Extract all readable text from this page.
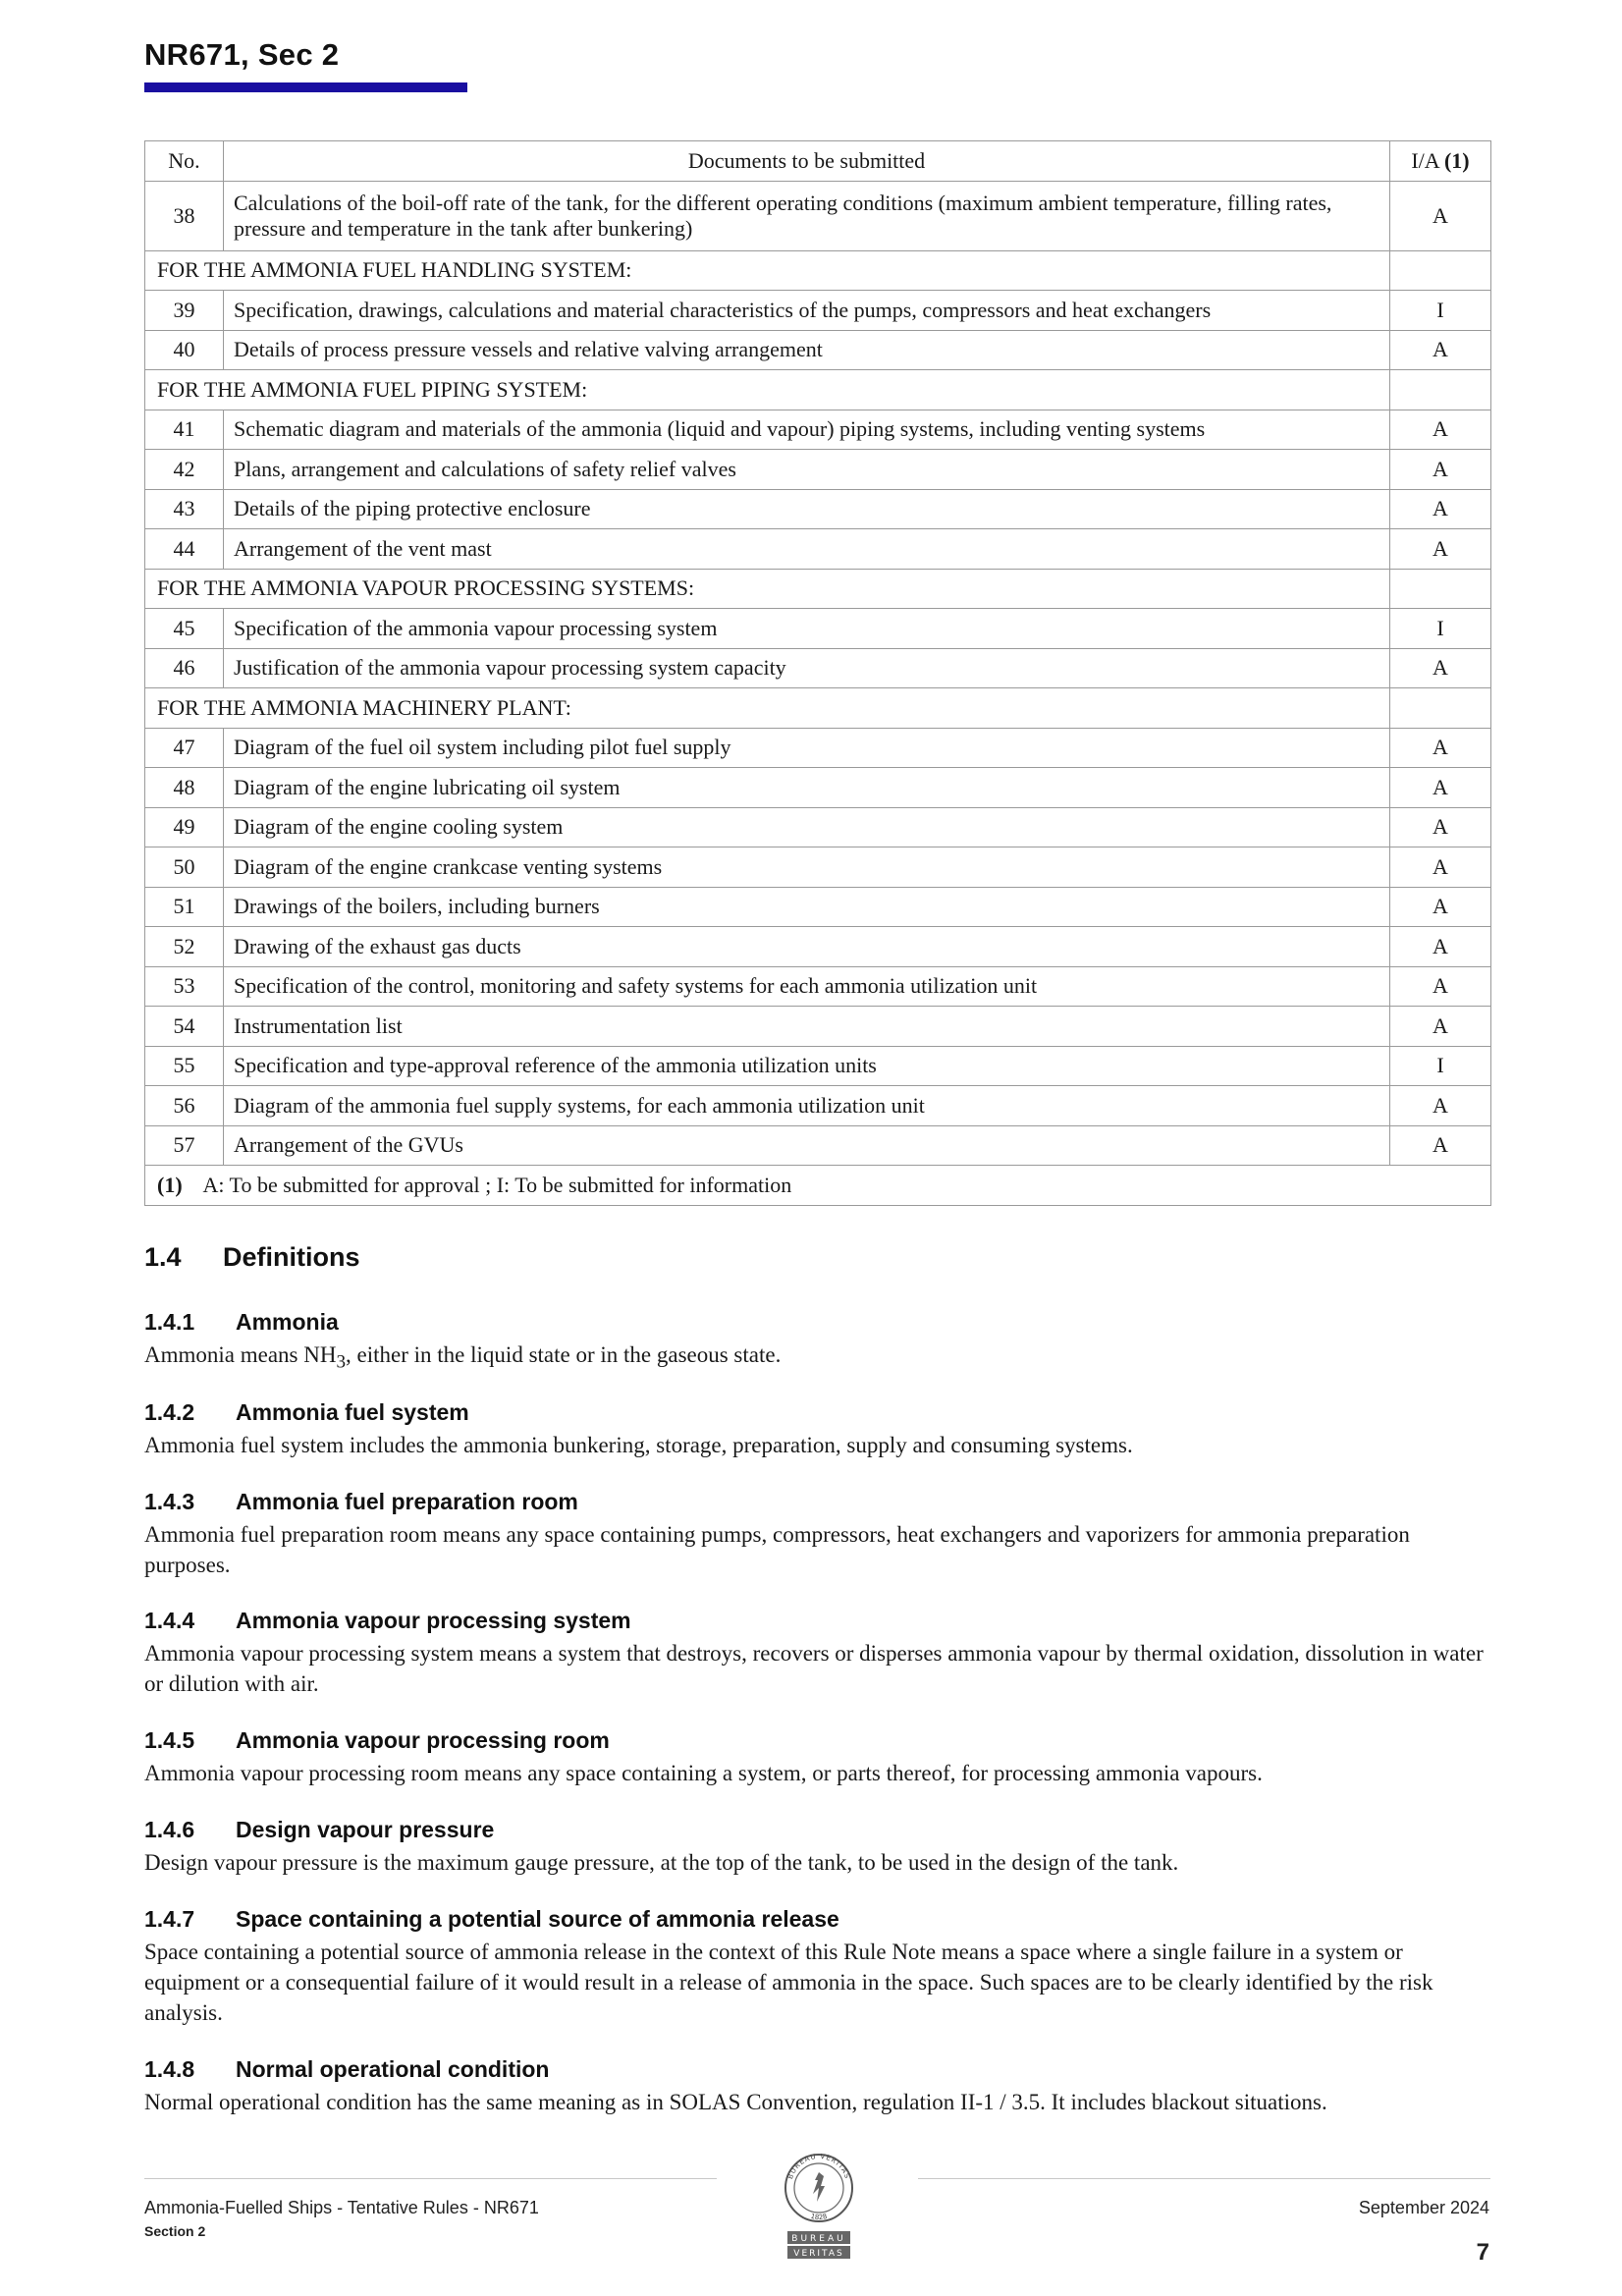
NR671, Sec 2
No.	Documents to be submitted	I/A (1)
38	Calculations of the boil-off rate of the tank, for the different operating conditions (maximum ambient temperature, filling rates, pressure and temperature in the tank after bunkering)	A
FOR THE AMMONIA FUEL HANDLING SYSTEM:		
39	Specification, drawings, calculations and material characteristics of the pumps, compressors and heat exchangers	I
40	Details of process pressure vessels and relative valving arrangement	A
FOR THE AMMONIA FUEL PIPING SYSTEM:		
41	Schematic diagram and materials of the ammonia (liquid and vapour) piping systems, including venting systems	A
42	Plans, arrangement and calculations of safety relief valves	A
43	Details of the piping protective enclosure	A
44	Arrangement of the vent mast	A
FOR THE AMMONIA VAPOUR PROCESSING SYSTEMS:		
45	Specification of the ammonia vapour processing system	I
46	Justification of the ammonia vapour processing system capacity	A
FOR THE AMMONIA MACHINERY PLANT:		
47	Diagram of the fuel oil system including pilot fuel supply	A
48	Diagram of the engine lubricating oil system	A
49	Diagram of the engine cooling system	A
50	Diagram of the engine crankcase venting systems	A
51	Drawings of the boilers, including burners	A
52	Drawing of the exhaust gas ducts	A
53	Specification of the control, monitoring and safety systems for each ammonia utilization unit	A
54	Instrumentation list	A
55	Specification and type-approval reference of the ammonia utilization units	I
56	Diagram of the ammonia fuel supply systems, for each ammonia utilization unit	A
57	Arrangement of the GVUs	A
(1) A: To be submitted for approval ; I: To be submitted for information		
1.4 Definitions
1.4.1 Ammonia
Ammonia means $NH_3$, either in the liquid state or in the gaseous state.
1.4.2 Ammonia fuel system
Ammonia fuel system includes the ammonia bunkering, storage, preparation, supply and consuming systems.
1.4.3 Ammonia fuel preparation room
Ammonia fuel preparation room means any space containing pumps, compressors, heat exchangers and vaporizers for ammonia preparation purposes.
1.4.4 Ammonia vapour processing system
Ammonia vapour processing system means a system that destroys, recovers or disperses ammonia vapour by thermal oxidation, dissolution in water or dilution with air.
1.4.5 Ammonia vapour processing room
Ammonia vapour processing room means any space containing a system, or parts thereof, for processing ammonia vapours.
1.4.6 Design vapour pressure
Design vapour pressure is the maximum gauge pressure, at the top of the tank, to be used in the design of the tank.
1.4.7 Space containing a potential source of ammonia release
Space containing a potential source of ammonia release in the context of this Rule Note means a space where a single failure in a system or equipment or a consequential failure of it would result in a release of ammonia in the space. Such spaces are to be clearly identified by the risk analysis.
1.4.8 Normal operational condition
Normal operational condition has the same meaning as in SOLAS Convention, regulation II-1 / 3.5. It includes blackout situations.
BUREAU VERITAS
1828
BUREAU
VERITAS
Ammonia-Fuelled Ships - Tentative Rules - NR671
Section 2
September 2024
7
